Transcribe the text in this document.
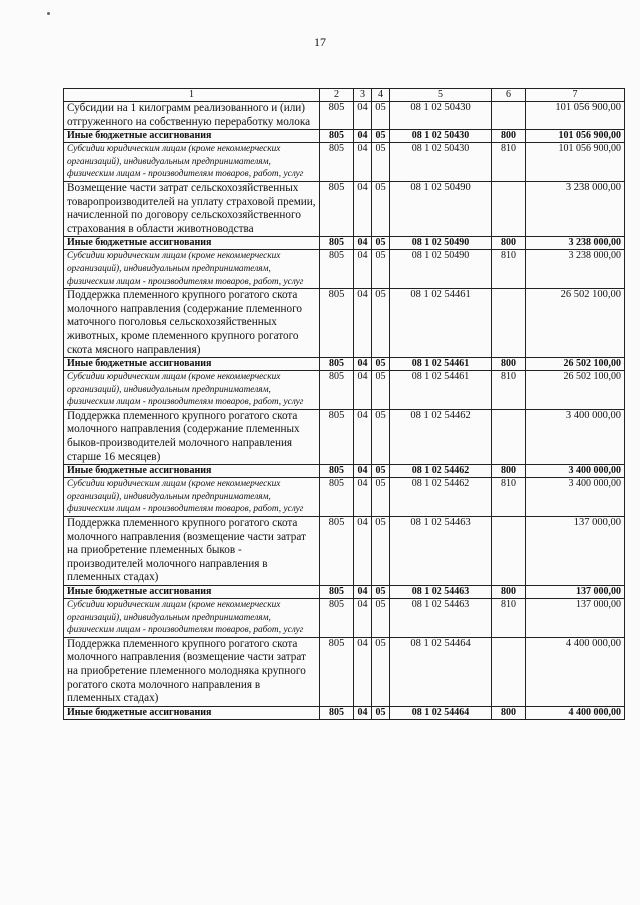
17
1	2	3	4	5	6	7
Субсидии на 1 килограмм реализованного и (или) отгруженного на собственную переработку молока	805	04	05	08 1 02 50430		101 056 900,00
Иные бюджетные ассигнования	805	04	05	08 1 02 50430	800	101 056 900,00
Субсидии юридическим лицам (кроме некоммерческих организаций), индивидуальным предпринимателям, физическим лицам - производителям товаров, работ, услуг	805	04	05	08 1 02 50430	810	101 056 900,00
Возмещение части затрат сельскохозяйственных товаропроизводителей на уплату страховой премии, начисленной по договору сельскохозяйственного страхования в области животноводства	805	04	05	08 1 02 50490		3 238 000,00
Иные бюджетные ассигнования	805	04	05	08 1 02 50490	800	3 238 000,00
Субсидии юридическим лицам (кроме некоммерческих организаций), индивидуальным предпринимателям, физическим лицам - производителям товаров, работ, услуг	805	04	05	08 1 02 50490	810	3 238 000,00
Поддержка племенного крупного рогатого скота молочного направления (содержание племенного маточного поголовья сельскохозяйственных животных, кроме племенного крупного рогатого скота мясного направления)	805	04	05	08 1 02 54461		26 502 100,00
Иные бюджетные ассигнования	805	04	05	08 1 02 54461	800	26 502 100,00
Субсидии юридическим лицам (кроме некоммерческих организаций), индивидуальным предпринимателям, физическим лицам - производителям товаров, работ, услуг	805	04	05	08 1 02 54461	810	26 502 100,00
Поддержка племенного крупного рогатого скота молочного направления (содержание племенных быков-производителей молочного направления старше 16 месяцев)	805	04	05	08 1 02 54462		3 400 000,00
Иные бюджетные ассигнования	805	04	05	08 1 02 54462	800	3 400 000,00
Субсидии юридическим лицам (кроме некоммерческих организаций), индивидуальным предпринимателям, физическим лицам - производителям товаров, работ, услуг	805	04	05	08 1 02 54462	810	3 400 000,00
Поддержка племенного крупного рогатого скота молочного направления (возмещение части затрат на приобретение племенных быков - производителей молочного направления в племенных стадах)	805	04	05	08 1 02 54463		137 000,00
Иные бюджетные ассигнования	805	04	05	08 1 02 54463	800	137 000,00
Субсидии юридическим лицам (кроме некоммерческих организаций), индивидуальным предпринимателям, физическим лицам - производителям товаров, работ, услуг	805	04	05	08 1 02 54463	810	137 000,00
Поддержка племенного крупного рогатого скота молочного направления (возмещение части затрат на приобретение племенного молодняка крупного рогатого скота молочного направления в племенных стадах)	805	04	05	08 1 02 54464		4 400 000,00
Иные бюджетные ассигнования	805	04	05	08 1 02 54464	800	4 400 000,00
